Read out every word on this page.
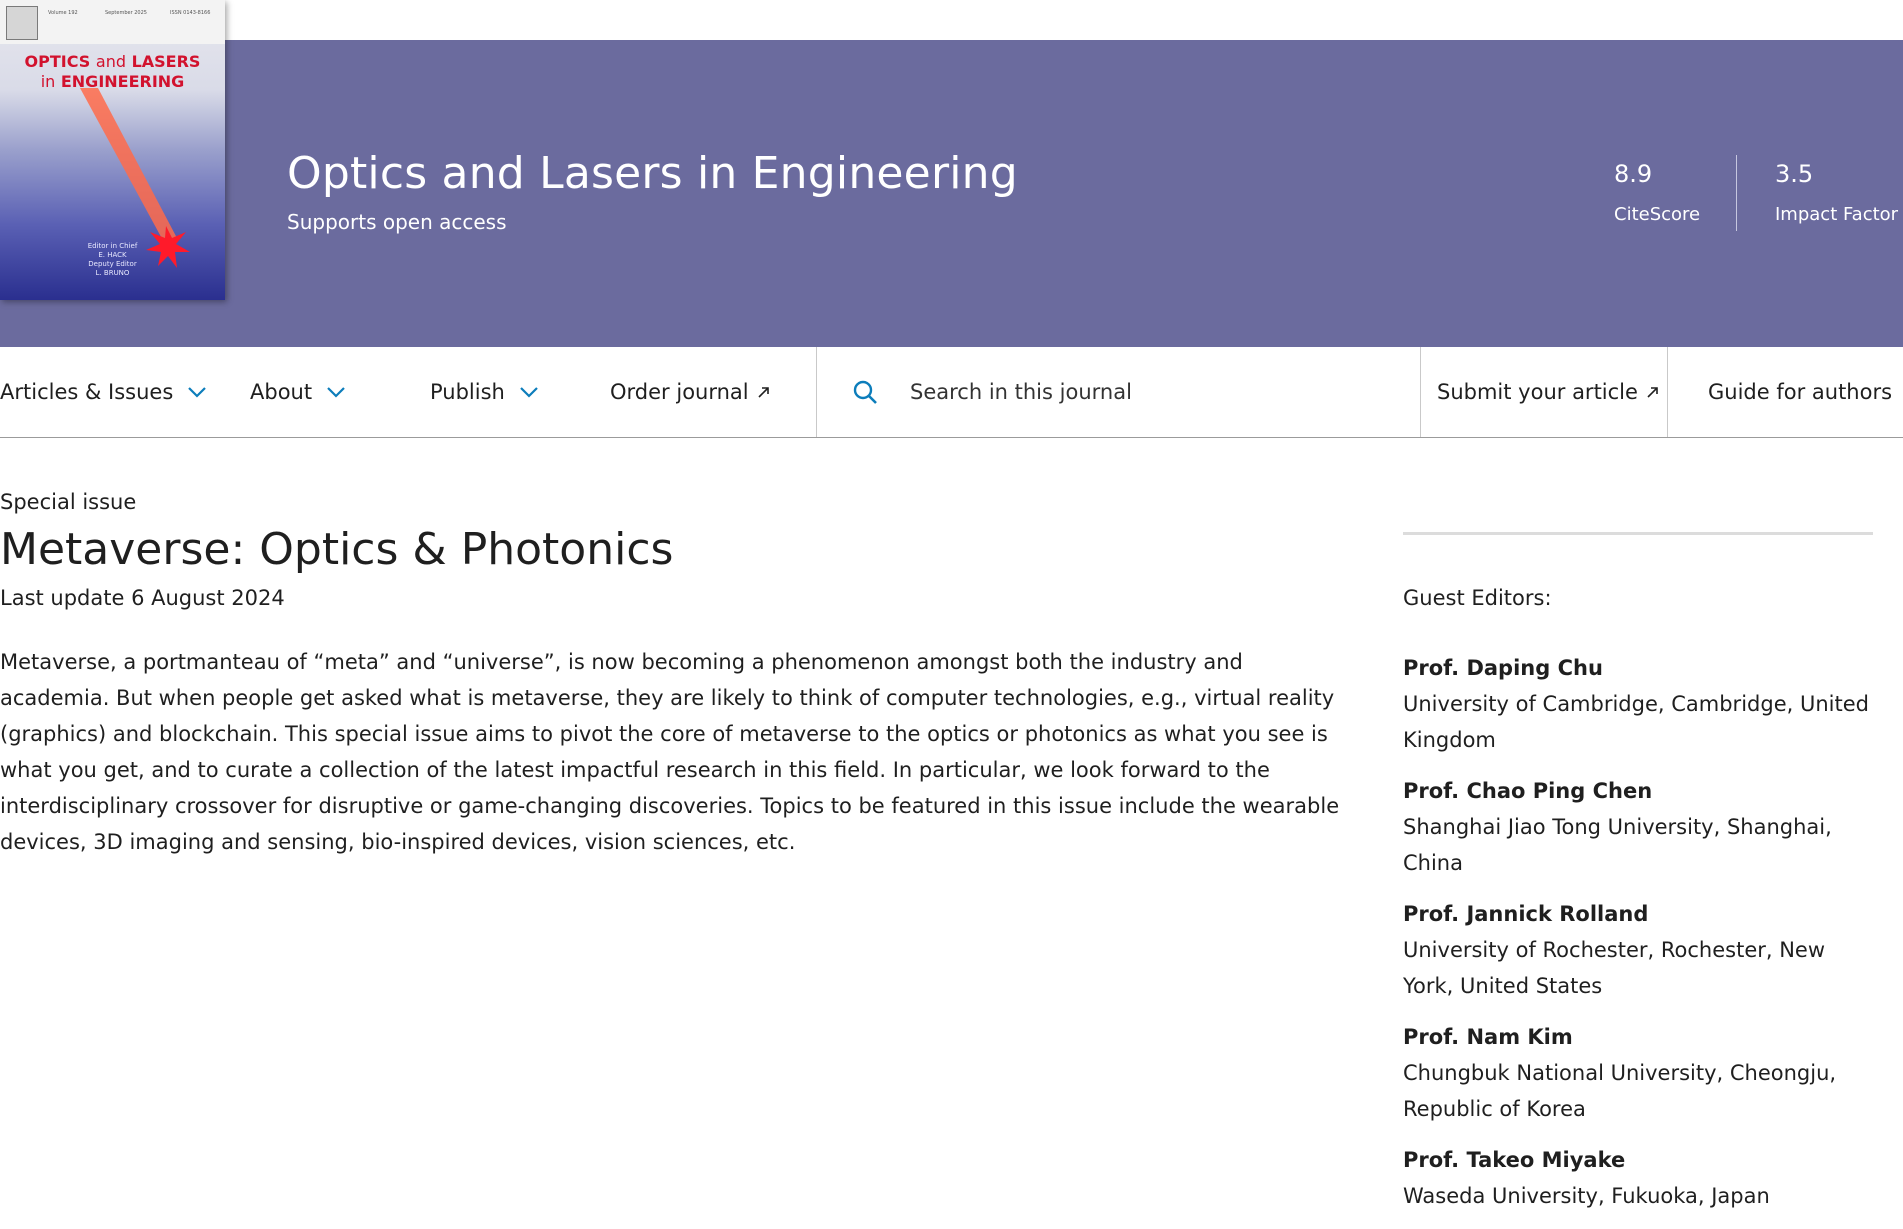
Volume 192	September 2025	ISSN 0143-8166
OPTICS and LASERS
in ENGINEERING
Editor in Chief
E. HACK
Deputy Editor
L. BRUNO
Optics and Lasers in Engineering
Supports open access
8.9
CiteScore
3.5
Impact Factor
Articles & Issues	About	Publish	Order journal
Search in this journal	Submit your article	Guide for authors
Special issue
Metaverse: Optics & Photonics
Last update 6 August 2024
Metaverse, a portmanteau of “meta” and “universe”, is now becoming a phenomenon amongst both the industry and academia. But when people get asked what is metaverse, they are likely to think of computer technologies, e.g., virtual reality (graphics) and blockchain. This special issue aims to pivot the core of metaverse to the optics or photonics as what you see is what you get, and to curate a collection of the latest impactful research in this field. In particular, we look forward to the interdisciplinary crossover for disruptive or game-changing discoveries. Topics to be featured in this issue include the wearable devices, 3D imaging and sensing, bio-inspired devices, vision sciences, etc.
Guest Editors:
Prof. Daping Chu
University of Cambridge, Cambridge, United Kingdom
Prof. Chao Ping Chen
Shanghai Jiao Tong University, Shanghai, China
Prof. Jannick Rolland
University of Rochester, Rochester, New York, United States
Prof. Nam Kim
Chungbuk National University, Cheongju, Republic of Korea
Prof. Takeo Miyake
Waseda University, Fukuoka, Japan
